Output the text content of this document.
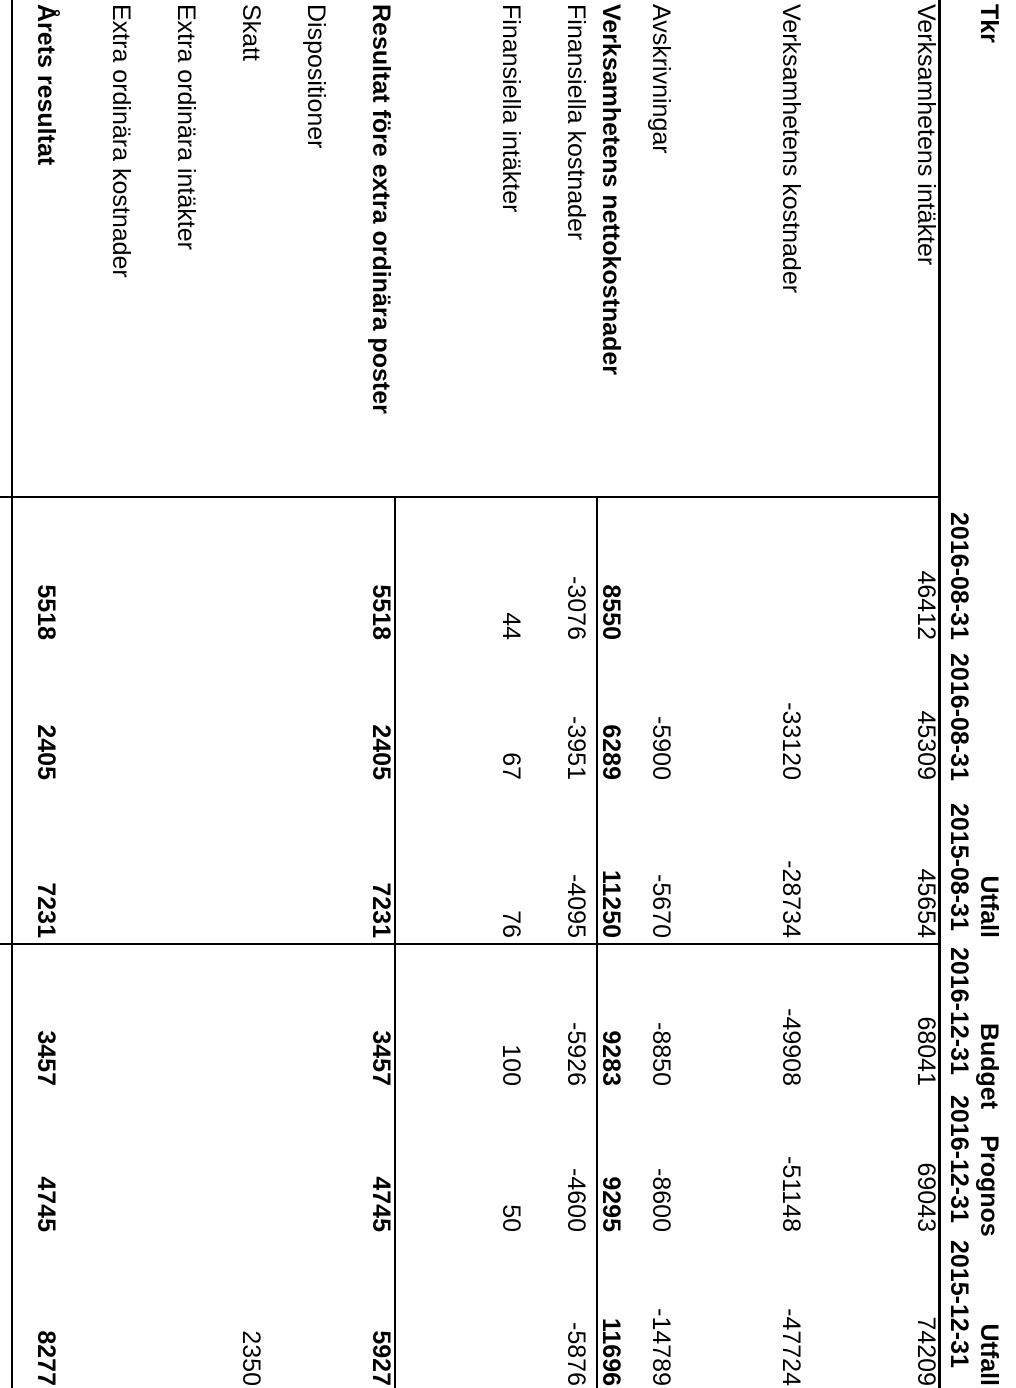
Tkr
Utfall
Budget
Prognos
Utfall
2016-08-31
2016-08-31
2015-08-31
2016-12-31
2016-12-31
2015-12-31
Verksamhetens intäkter
46412
45309
45654
68041
69043
74209
Verksamhetens kostnader
-33120
-28734
-49908
-51148
-47724
Avskrivningar
-5900
-5670
-8850
-8600
-14789
Verksamhetens nettokostnader
8550
6289
11250
9283
9295
11696
Finansiella intäkter
44
67
76
100
50
Finansiella kostnader
-3076
-3951
-4095
-5926
-4600
-5876
Resultat före extra ordinära poster
5518
2405
7231
3457
4745
5927
Dispositioner
Skatt
2350
Extra ordinära intäkter
Extra ordinära kostnader
Årets resultat
5518
2405
7231
3457
4745
8277
